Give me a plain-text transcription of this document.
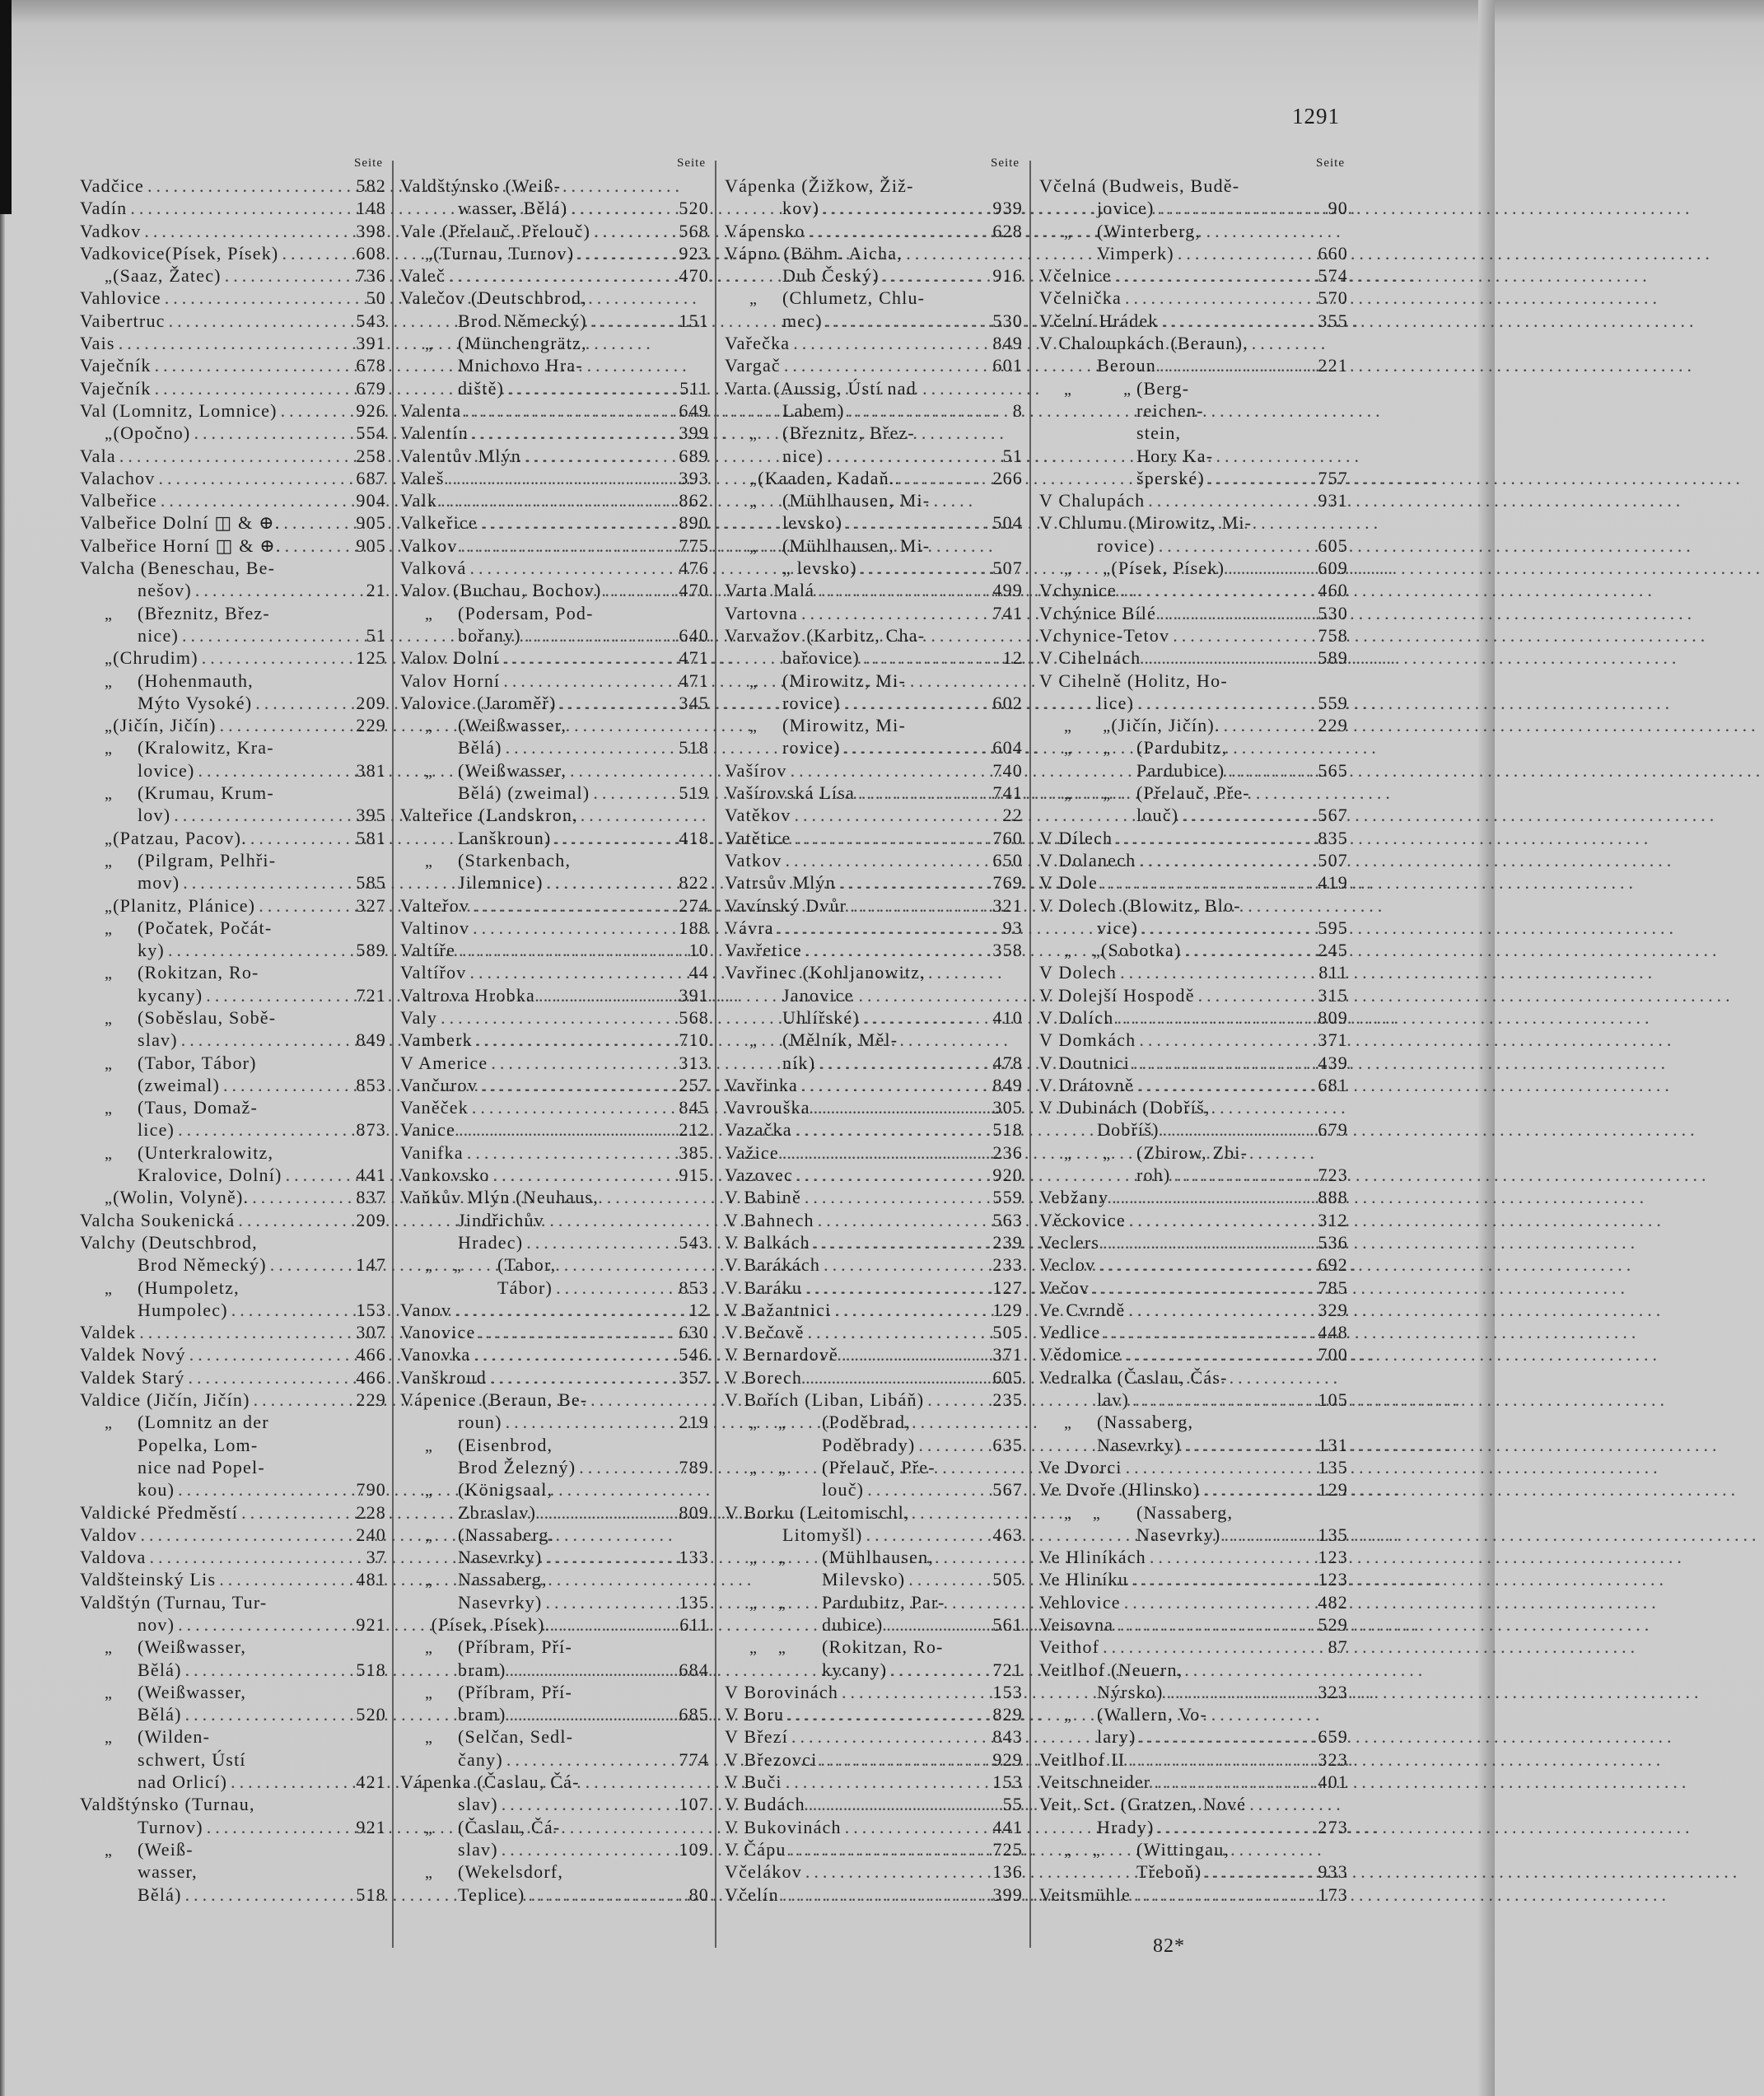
1291
Seite
Vadčice .....	582
Vadín .....	148
Vadkov .....	398
Vadkovice(Písek, Písek) .....	608
„ (Saaz, Žatec) .....	736
Vahlovice .....	50
Vaibertruc .....	543
Vais .....	391
Vaječník .....	678
Vaječník .....	679
Val (Lomnitz, Lomnice) .....	926
„ (Opočno) .....	554
Vala .....	258
Valachov .....	687
Valbeřice .....	904
Valbeřice Dolní ◫ & ⊕. .....	905
Valbeřice Horní ◫ & ⊕. .....	905
Valcha (Beneschau, Be-
nešov) .....	21
„	(Březnitz, Břez-
nice) .....	51
„ (Chrudim) .....	125
„	(Hohenmauth,
Mýto Vysoké) .....	209
„ (Jičín, Jičín) .....	229
„	(Kralowitz, Kra-
lovice) .....	381
„	(Krumau, Krum-
lov) .....	395
„ (Patzau, Pacov). .....	581
„	(Pilgram, Pelhři-
mov) .....	585
„ (Planitz, Plánice) .....	327
„	(Počatek, Počát-
ky) .....	589
„	(Rokitzan, Ro-
kycany) .....	721
„	(Soběslau, Sobě-
slav) .....	849
„	(Tabor, Tábor)
(zweimal) .....	853
„	(Taus, Domaž-
lice) .....	873
„	(Unterkralowitz,
Kralovice, Dolní) .....	441
„ (Wolin, Volyně). .....	837
Valcha Soukenická .....	209
Valchy (Deutschbrod,
Brod Německý) .....	147
„	(Humpoletz,
Humpolec) .....	153
Valdek .....	307
Valdek Nový .....	466
Valdek Starý .....	466
Valdice (Jičín, Jičín) .....	229
„	(Lomnitz an der
Popelka, Lom-
nice nad Popel-
kou) .....	790
Valdické Předměstí .....	228
Valdov .....	240
Valdova .....	37
Valdšteinský Lis .....	481
Valdštýn (Turnau, Tur-
nov) .....	921
„	(Weißwasser,
Bělá) .....	518
„	(Weißwasser,
Bělá) .....	520
„	(Wilden-
schwert, Ústí
nad Orlicí) .....	421
Valdštýnsko (Turnau,
Turnov) .....	921
„	(Weiß-
wasser,
Bělá) .....	518
Seite
Valdštýnsko (Weiß-
wasser, Bělá) .....	520
Vale (Přelauč, Přelouč) .....	568
„ (Turnau, Turnov) .....	923
Valeč .....	470
Valečov (Deutschbrod,
Brod Německý) .....	151
„	(Münchengrätz,
Mnichovo Hra-
diště) .....	511
Valenta .....	649
Valentín .....	399
Valentův Mlýn .....	689
Valeš .....	393
Valk .....	862
Valkeřice .....	890
Valkov .....	775
Valková .....	476
Valov (Buchau, Bochov) .....	470
„	(Podersam, Pod-
bořany) .....	640
Valov Dolní .....	471
Valov Horní .....	471
Valovice (Jaroměř) .....	345
„	(Weißwasser,
Bělá) .....	518
„	(Weißwasser,
Bělá) (zweimal) .....	519
Valteřice (Landskron,
Lanškroun) .....	418
„	(Starkenbach,
Jilemnice) .....	822
Valteřov .....	274
Valtinov .....	188
Valtíře .....	10
Valtířov .....	44
Valtrova Hrobka .....	391
Valy .....	568
Vamberk .....	710
V Americe .....	313
Vančurov .....	257
Vaněček .....	845
Vanice .....	212
Vanifka .....	385
Vankovsko .....	915
Vaňkův Mlýn (Neuhaus,
Jindřichův
Hradec) .....	543
„    „	(Tabor,
Tábor) .....	853
Vanov .....	12
Vanovice .....	630
Vanovka .....	546
Vanškroud .....	357
Vápenice (Beraun, Be-
roun) .....	219
„	(Eisenbrod,
Brod Železný) .....	789
„	(Königsaal,
Zbraslav) .....	809
„	(Nassaberg.
Nasevrky) .....	133
„	Nassaberg,
Nasevrky) .....	135

(Písek, Písek). .....	611
„	(Příbram, Pří-
bram) .....	684
„	(Příbram, Pří-
bram) .....	685
„	(Selčan, Sedl-
čany) .....	774
Vápenka (Časlau, Čá-
slav) .....	107
„	(Časlau, Čá-
slav) .....	109
„	(Wekelsdorf,
Teplice) .....	80
Seite
Vápenka (Žižkow, Žiž-
kov) .....	939
Vápensko .....	628
Vápno (Böhm. Aicha,
Dub Český) .....	916
„	(Chlumetz, Chlu-
mec) .....	530
Vařečka .....	849
Vargač .....	601
Varta (Aussig, Ústí nad
Labem) .....	8
„	(Březnitz, Břez-
nice) .....	51
„ (Kaaden, Kadaň.. .....	266
„	(Mühlhausen, Mi-
levsko) .....	504
„	(Mühlhausen, Mi-
„ levsko) .....	507
Varta Malá .....	499
Vartovna .....	741
Varvažov (Karbitz, Cha-
bařovice) .....	12
„	(Mirowitz, Mi-
rovice) .....	602
„	(Mirowitz, Mi-
rovice) .....	604
Vašírov .....	740
Vašírovská Lísa .....	741
Vatěkov .....	22
Vatětice .....	760
Vatkov .....	650
Vatrsův Mlýn .....	769
Vavínský Dvůr .....	321
Vávra .....	93
Vavřetice .....	358
Vavřinec (Kohljanowitz,
Janovice
Uhlířské) .....	410
„	(Mělník, Měl-
ník) .....	478
Vavřinka .....	849
Vavrouška .....	305
Vazačka .....	518
Važice .....	236
Vazovec .....	920
V Babině .....	559
V Bahnech .....	563
V Balkách .....	239
V Barákách .....	233
V Baráku .....	127
V Bažantnici .....	129
V Bečově .....	505
V Bernardově .....	371
V Borech .....	605
V Bořích (Liban, Libáň) .....	235
„    „	(Poděbrad,
Poděbrady) .....	635
„    „	(Přelauč, Pře-
louč) .....	567
V Borku (Leitomischl,
Litomyšl) .....	463
„    „	(Mühlhausen,
Milevsko) .....	505
„    „	Pardubitz, Par-
dubice) .....	561
„    „	(Rokitzan, Ro-
kycany) .....	721
V Borovinách .....	153
V Boru .....	829
V Březí .....	843
V Březovci .....	929
V Buči .....	153
V Budách .....	55
V Bukovinách .....	441
V Čápu .....	725
Včelákov .....	136
Včelín .....	399
Seite
Včelná (Budweis, Budě-
jovice) .....	90
„	(Winterberg,
Vimperk) .....	660
Včelnice .....	574
Včelnička .....	570
Včelní Hrádek .....	355
V Chaloupkách (Beraun),
Beroun .....	221
„          „ (Berg-
reichen-
stein,
Hory Ka-
šperské) .....	757
V Chalupách .....	931
V Chlumu (Mirowitz, Mi-
rovice) .....	605
„      „ (Písek, Písek) .....	609
Vchynice .....	460
Vchýnice Bílé .....	530
Vchynice-Tetov .....	758
V Cihelnách .....	589
V Cihelně (Holitz, Ho-
lice) .....	559
„      „ (Jičín, Jičín). .....	229
„      „	(Pardubitz,
Pardubice) .....	565
„      „	(Přelauč, Pře-
louč) .....	567
V Dílech .....	835
V Dolanech .....	507
V Dole .....	419
V Dolech (Blowitz, Blo-
vice) .....	595
„    „ (Sobotka) .....	245
V Dolech .....	811
V Dolejší Hospodě .....	315
V Dolích .....	809
V Domkách .....	371
V Doutnici .....	439
V Drátovně .....	681
V Dubinách (Dobříš,
Dobříš) .....	679
„      „	(Zbirow, Zbi-
roh) .....	723
Vebžany .....	888
Věckovice .....	312
Veclers .....	536
Veclov .....	692
Večov .....	785
Ve Cvrndě .....	329
Vedlice .....	448
Vědomice .....	700
Vedralka (Časlau, Čás-
lav) .....	105
„	(Nassaberg,
Nasevrky) .....	131
Ve Dvorci .....	135
Ve Dvoře (Hlinsko) .....	129
„    „	(Nassaberg,
Nasevrky) .....	135
Ve Hliníkách .....	123
Ve Hliníku .....	123
Vehlovice .....	482
Veisovna .....	529
Veithof .....	87
Veitlhof (Neuern,
Nýrsko) .....	323
„	(Wallern, Vo-
lary) .....	659
Veitlhof II .....	323
Veitschneider .....	401
Veit, Sct. (Gratzen, Nové
Hrady) .....	273
„    „	(Wittingau,
Třeboň) .....	933
Veitsmühle .....	173
82*
